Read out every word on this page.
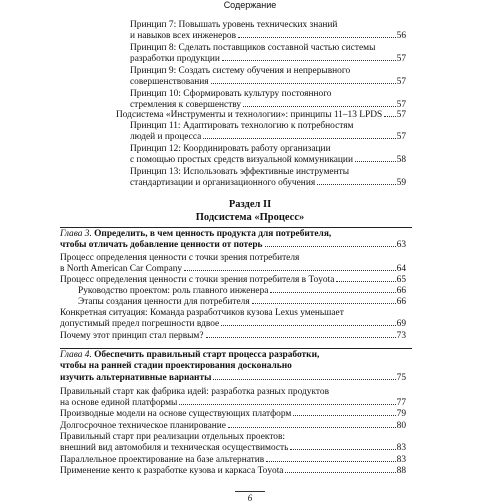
Содержание
Принцип 7: Повышать уровень технических знаний
и навыков всех инженеров	56
Принцип 8: Сделать поставщиков составной частью системы
разработки продукции	57
Принцип 9: Создать систему обучения и непрерывного
совершенствования	57
Принцип 10: Сформировать культуру постоянного
стремления к совершенству	57
Подсистема «Инструменты и технологии»: принципы 11–13 LPDS 57
Принцип 11: Адаптировать технологию к потребностям
людей и процесса	57
Принцип 12: Координировать работу организации
с помощью простых средств визуальной коммуникации	58
Принцип 13: Использовать эффективные инструменты
стандартизации и организационного обучения	59
Раздел II
Подсистема «Процесс»
Глава 3. Определить, в чем ценность продукта для потребителя,
чтобы отличать добавление ценности от потерь	63
Процесс определения ценности с точки зрения потребителя
в North American Car Company	64
Процесс определения ценности с точки зрения потребителя в Toyota	65
Руководство проектом: роль главного инженера	66
Этапы создания ценности для потребителя	66
Конкретная ситуация: Команда разработчиков кузова Lexus уменьшает
допустимый предел погрешности вдвое	69
Почему этот принцип стал первым?	73
Глава 4. Обеспечить правильный старт процесса разработки,
чтобы на ранней стадии проектирования досконально
изучить альтернативные варианты	75
Правильный старт как фабрика идей: разработка разных продуктов
на основе единой платформы	77
Производные модели на основе существующих платформ	79
Долгосрочное техническое планирование	80
Правильный старт при реализации отдельных проектов:
внешний вид автомобиля и техническая осуществимость	83
Параллельное проектирование на базе альтернатив	83
Применение кенто к разработке кузова и каркаса Toyota	88
6
